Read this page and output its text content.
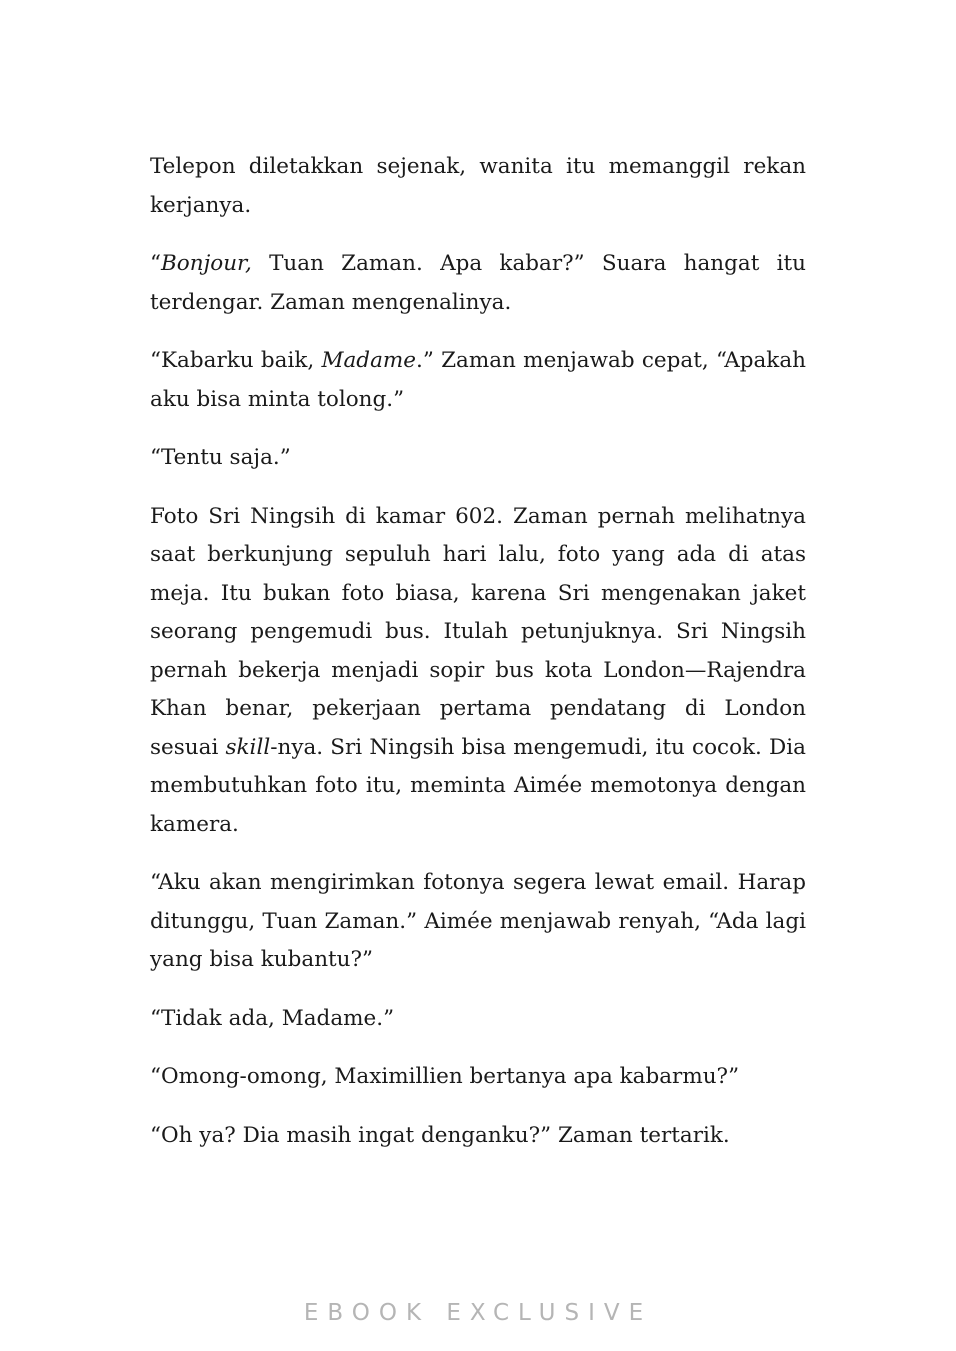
Telepon diletakkan sejenak, wanita itu memanggil rekan kerjanya.

“Bonjour, Tuan Zaman. Apa kabar?” Suara hangat itu terdengar. Zaman mengenalinya.

“Kabarku baik, Madame.” Zaman menjawab cepat, “Apakah aku bisa minta tolong.”

“Tentu saja.”

Foto Sri Ningsih di kamar 602. Zaman pernah melihatnya saat berkunjung sepuluh hari lalu, foto yang ada di atas meja. Itu bukan foto biasa, karena Sri mengenakan jaket seorang pengemudi bus. Itulah petunjuknya. Sri Ningsih pernah bekerja menjadi sopir bus kota London—Rajendra Khan benar, pekerjaan pertama pendatang di London sesuai skill-nya. Sri Ningsih bisa mengemudi, itu cocok. Dia membutuhkan foto itu, meminta Aimée memotonya dengan kamera.

“Aku akan mengirimkan fotonya segera lewat email. Harap ditunggu, Tuan Zaman.” Aimée menjawab renyah, “Ada lagi yang bisa kubantu?”

“Tidak ada, Madame.”

“Omong-omong, Maximillien bertanya apa kabarmu?”

“Oh ya? Dia masih ingat denganku?” Zaman tertarik.

EBOOK EXCLUSIVE
